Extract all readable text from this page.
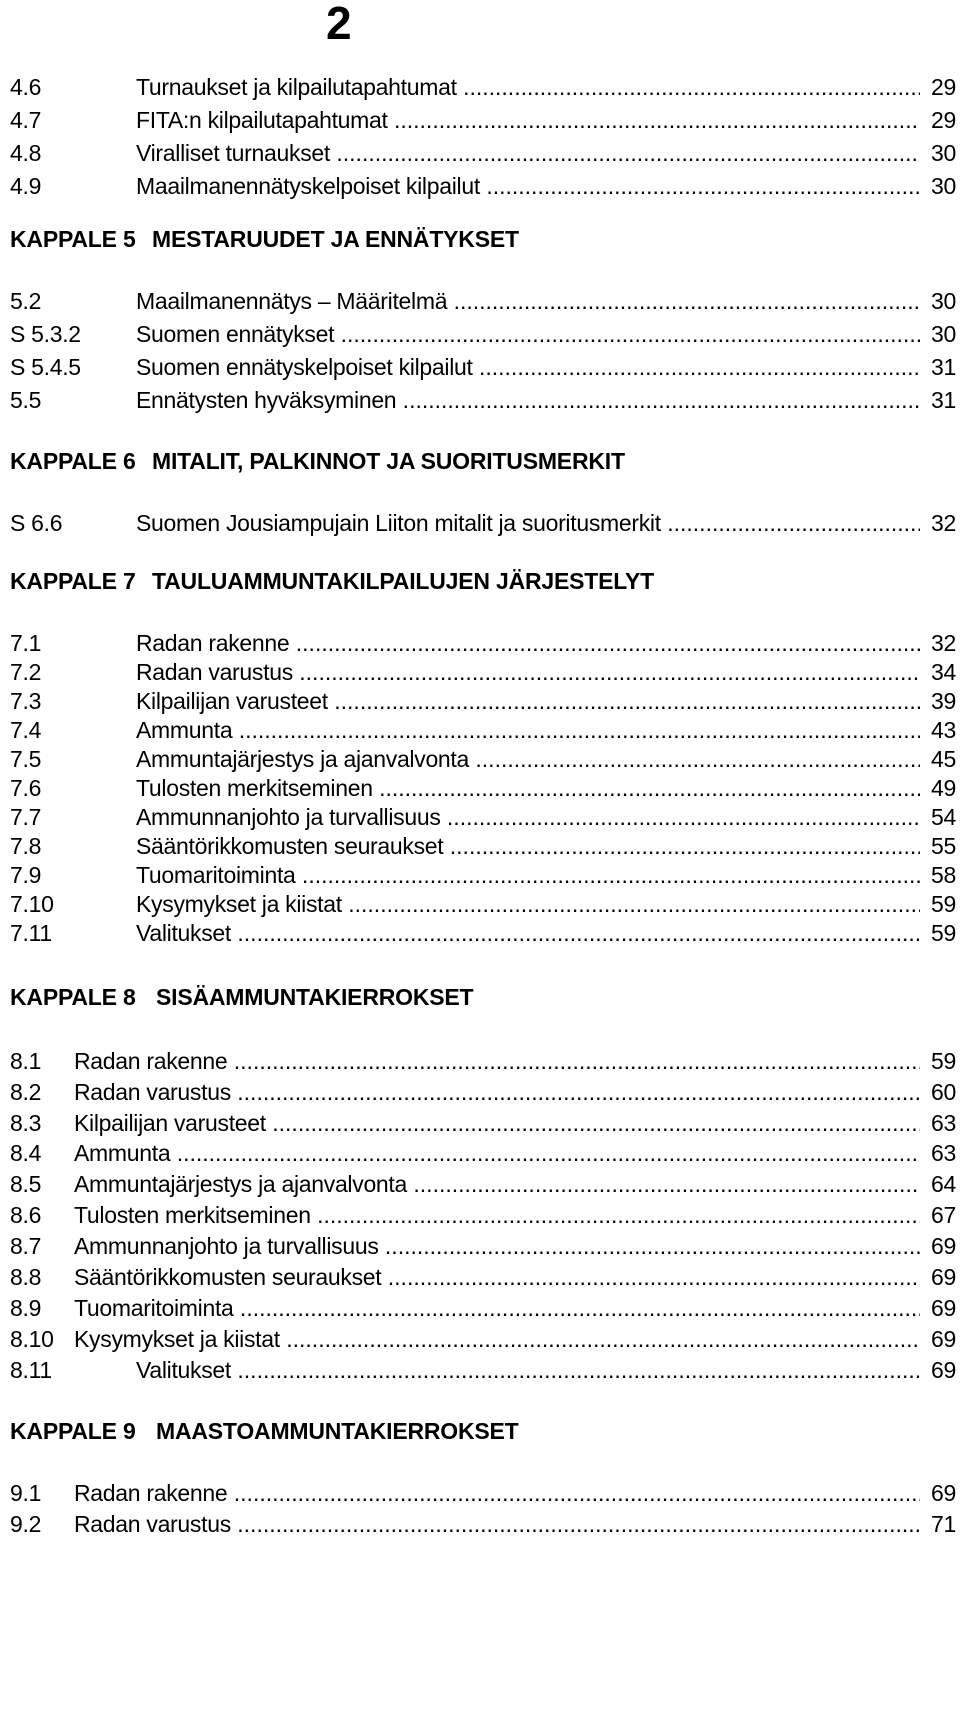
2
4.6	Turnaukset ja kilpailutapahtumat .....	29
4.7	FITA:n kilpailutapahtumat .....	29
4.8	Viralliset turnaukset .....	30
4.9	Maailmanennätyskelpoiset kilpailut .....	30
KAPPALE 5 MESTARUUDET JA ENNÄTYKSET
5.2	Maailmanennätys – Määritelmä .....	30
S 5.3.2 Suomen ennätykset .....	30
S 5.4.5 Suomen ennätyskelpoiset kilpailut .....	31
5.5	Ennätysten hyväksyminen .....	31
KAPPALE 6 MITALIT, PALKINNOT JA SUORITUSMERKIT
S 6.6	Suomen Jousiampujain Liiton mitalit ja suoritusmerkit .....	32
KAPPALE 7 TAULUAMMUNTAKILPAILUJEN JÄRJESTELYT
7.1	Radan rakenne .....	32
7.2	Radan varustus .....	34
7.3	Kilpailijan varusteet .....	39
7.4	Ammunta .....	43
7.5	Ammuntajärjestys ja ajanvalvonta .....	45
7.6	Tulosten merkitseminen .....	49
7.7	Ammunnanjohto ja turvallisuus .....	54
7.8	Sääntörikkomusten seuraukset .....	55
7.9	Tuomaritoiminta .....	58
7.10	Kysymykset ja kiistat .....	59
7.11	Valitukset .....	59
KAPPALE 8 SISÄAMMUNTAKIERROKSET
8.1 Radan rakenne .....	59
8.2 Radan varustus .....	60
8.3 Kilpailijan varusteet .....	63
8.4 Ammunta .....	63
8.5 Ammuntajärjestys ja ajanvalvonta .....	64
8.6 Tulosten merkitseminen .....	67
8.7 Ammunnanjohto ja turvallisuus .....	69
8.8 Sääntörikkomusten seuraukset .....	69
8.9 Tuomaritoiminta .....	69
8.10 Kysymykset ja kiistat .....	69
8.11	Valitukset .....	69
KAPPALE 9 MAASTOAMMUNTAKIERROKSET
9.1 Radan rakenne .....	69
9.2 Radan varustus .....	71
